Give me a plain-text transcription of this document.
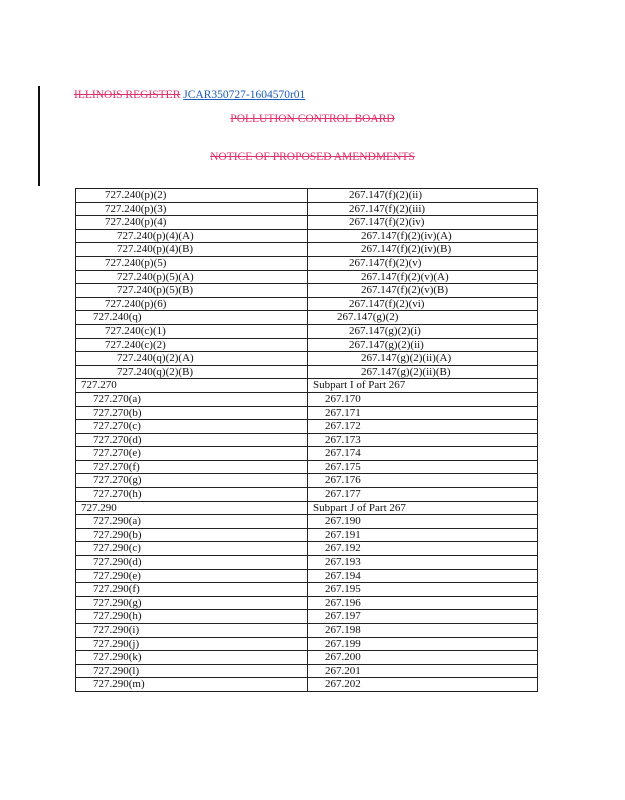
ILLINOIS REGISTER JCAR350727-1604570r01
POLLUTION CONTROL BOARD
NOTICE OF PROPOSED AMENDMENTS
727.240(p)(2)	267.147(f)(2)(ii)
727.240(p)(3)	267.147(f)(2)(iii)
727.240(p)(4)	267.147(f)(2)(iv)
727.240(p)(4)(A)	267.147(f)(2)(iv)(A)
727.240(p)(4)(B)	267.147(f)(2)(iv)(B)
727.240(p)(5)	267.147(f)(2)(v)
727.240(p)(5)(A)	267.147(f)(2)(v)(A)
727.240(p)(5)(B)	267.147(f)(2)(v)(B)
727.240(p)(6)	267.147(f)(2)(vi)
727.240(q)	267.147(g)(2)
727.240(c)(1)	267.147(g)(2)(i)
727.240(c)(2)	267.147(g)(2)(ii)
727.240(q)(2)(A)	267.147(g)(2)(ii)(A)
727.240(q)(2)(B)	267.147(g)(2)(ii)(B)
727.270	Subpart I of Part 267
727.270(a)	267.170
727.270(b)	267.171
727.270(c)	267.172
727.270(d)	267.173
727.270(e)	267.174
727.270(f)	267.175
727.270(g)	267.176
727.270(h)	267.177
727.290	Subpart J of Part 267
727.290(a)	267.190
727.290(b)	267.191
727.290(c)	267.192
727.290(d)	267.193
727.290(e)	267.194
727.290(f)	267.195
727.290(g)	267.196
727.290(h)	267.197
727.290(i)	267.198
727.290(j)	267.199
727.290(k)	267.200
727.290(l)	267.201
727.290(m)	267.202
